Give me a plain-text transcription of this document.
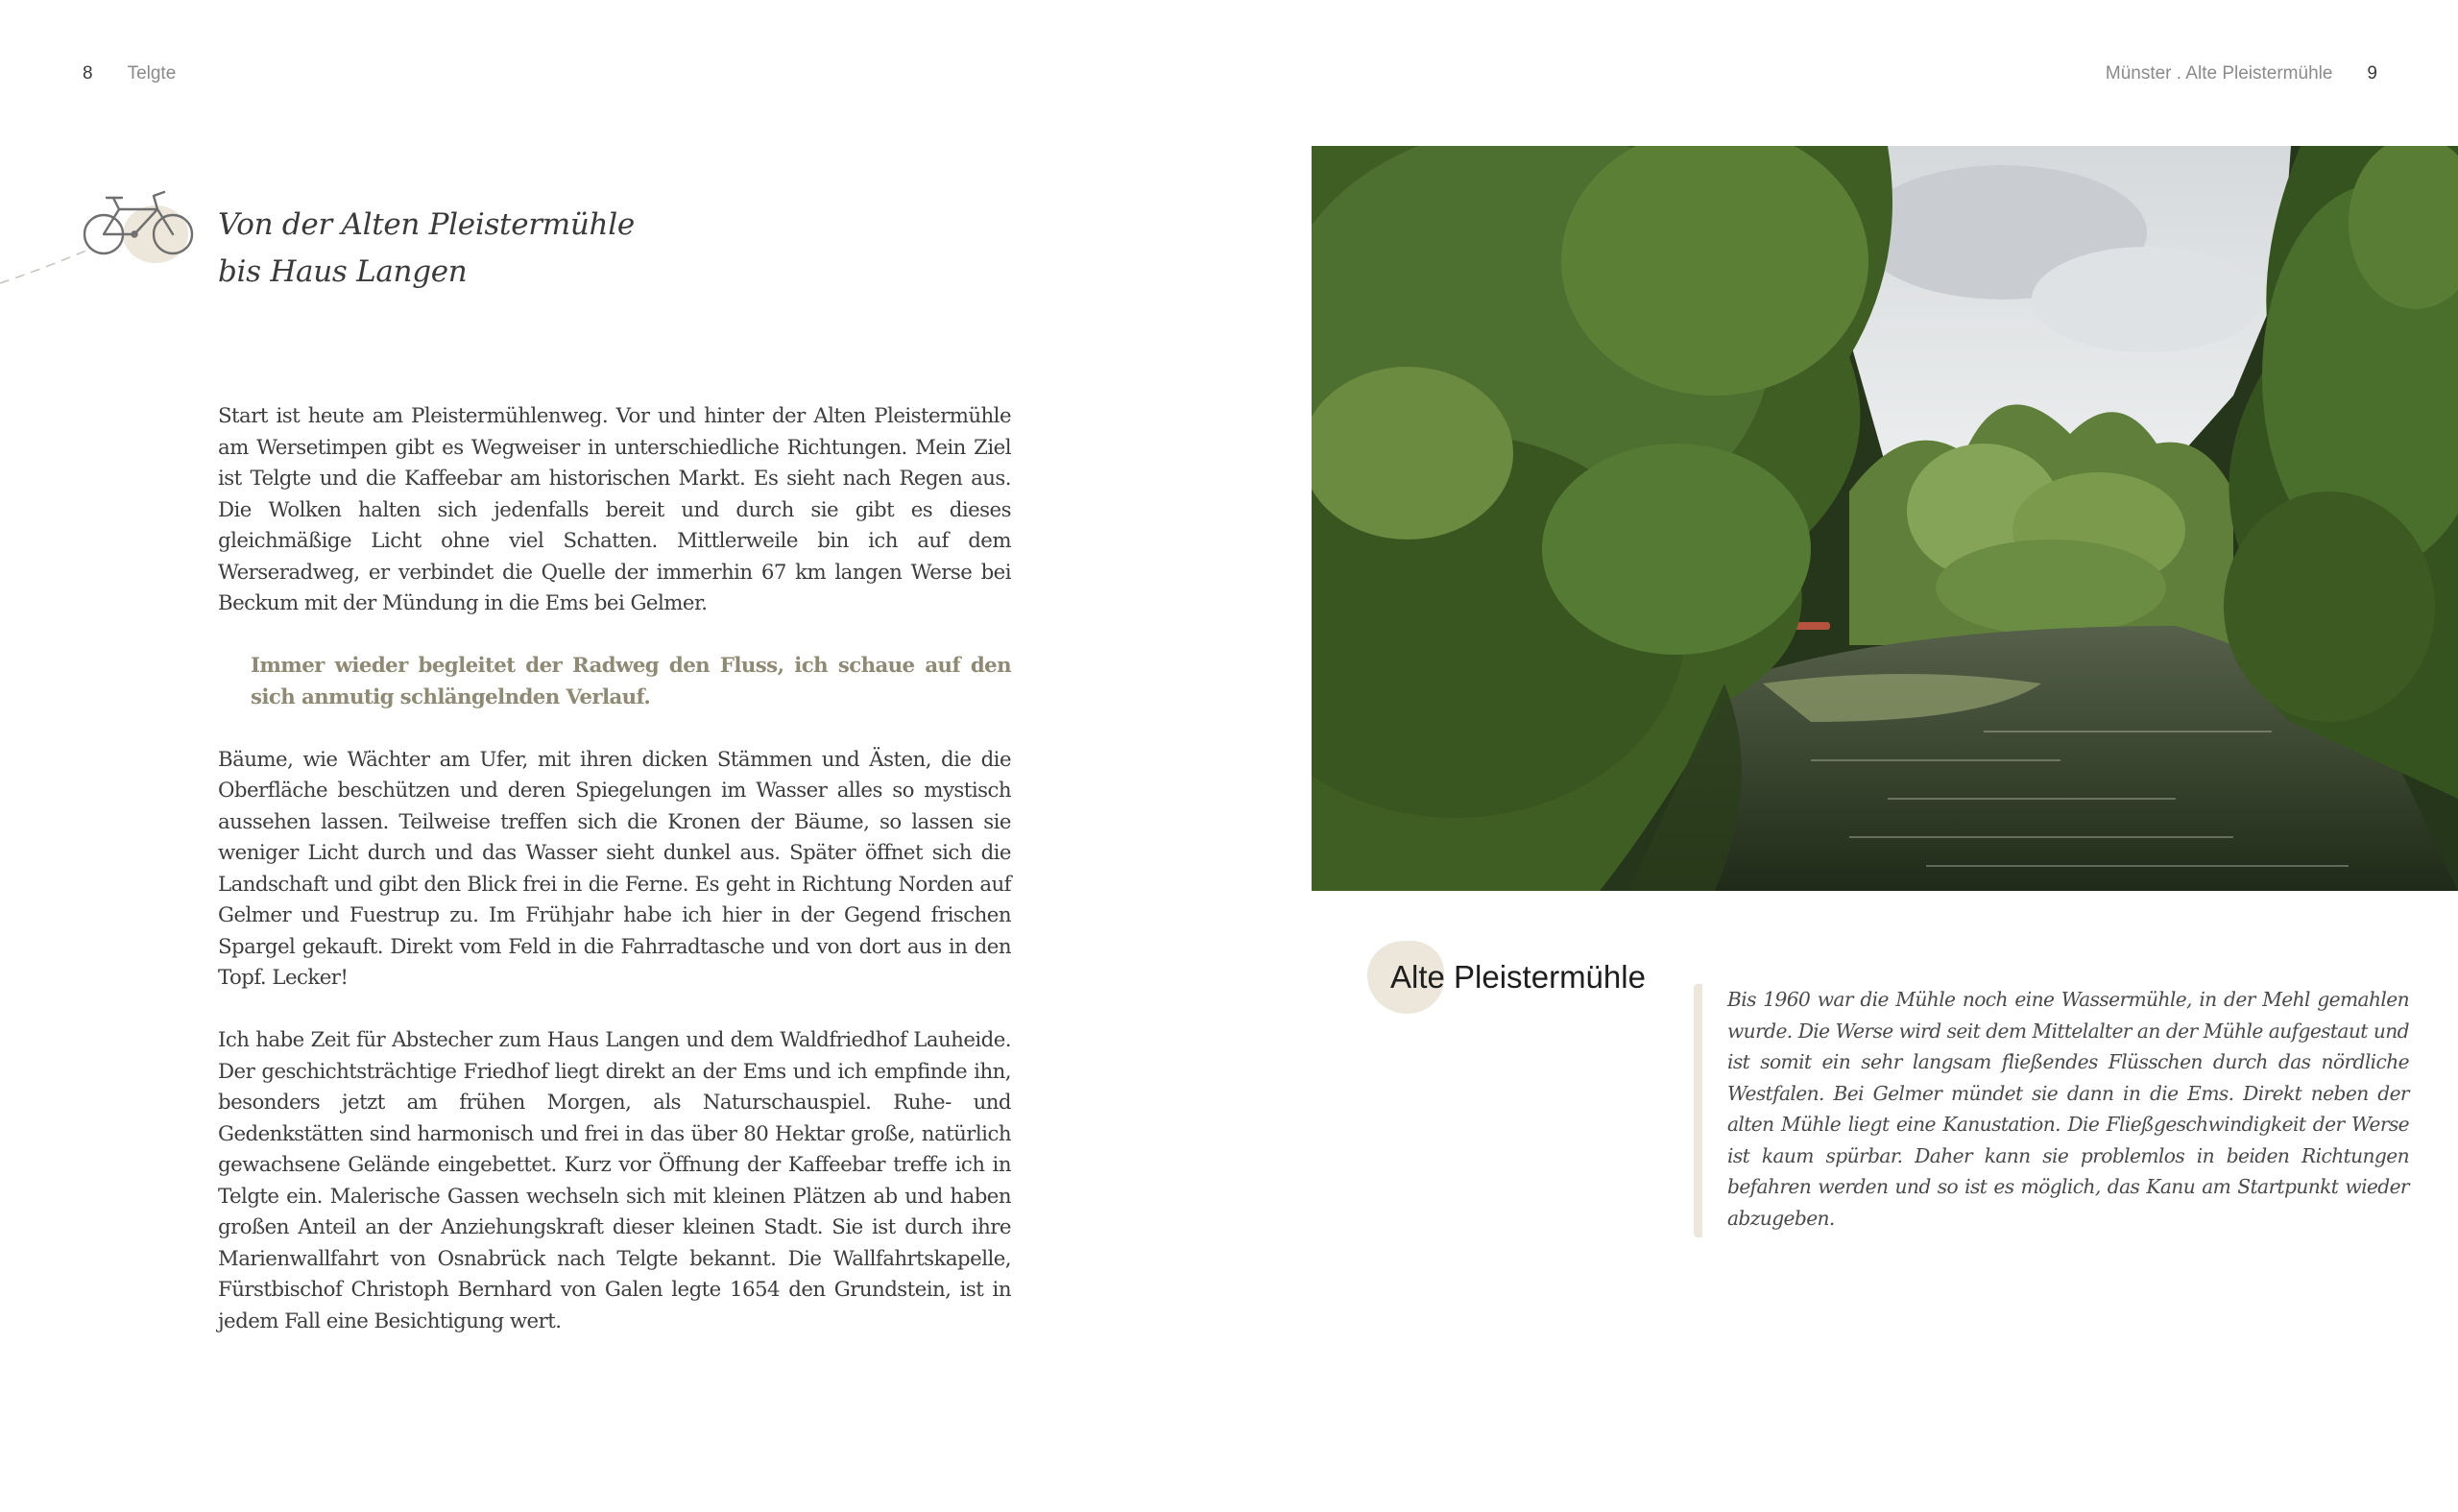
8 Telgte	Münster . Alte Pleistermühle 9
Von der Alten Pleistermühle
bis Haus Langen

Start ist heute am Pleistermühlenweg. Vor und hinter der Alten Pleistermühle am Wersetimpen gibt es Wegweiser in unterschiedliche Richtungen. Mein Ziel ist Telgte und die Kaffeebar am historischen Markt. Es sieht nach Regen aus. Die Wolken halten sich jedenfalls bereit und durch sie gibt es dieses gleichmäßige Licht ohne viel Schatten. Mittlerweile bin ich auf dem Werseradweg, er verbindet die Quelle der immerhin 67 km langen Werse bei Beckum mit der Mündung in die Ems bei Gelmer.

Immer wieder begleitet der Radweg den Fluss, ich schaue auf den sich anmutig schlängelnden Verlauf.

Bäume, wie Wächter am Ufer, mit ihren dicken Stämmen und Ästen, die die Oberfläche beschützen und deren Spiegelungen im Wasser alles so mystisch aussehen lassen. Teilweise treffen sich die Kronen der Bäume, so lassen sie weniger Licht durch und das Wasser sieht dunkel aus. Später öffnet sich die Landschaft und gibt den Blick frei in die Ferne. Es geht in Richtung Norden auf Gelmer und Fuestrup zu. Im Frühjahr habe ich hier in der Gegend frischen Spargel gekauft. Direkt vom Feld in die Fahrradtasche und von dort aus in den Topf. Lecker!

Ich habe Zeit für Abstecher zum Haus Langen und dem Waldfriedhof Lauheide. Der geschichtsträchtige Friedhof liegt direkt an der Ems und ich empfinde ihn, besonders jetzt am frühen Morgen, als Naturschauspiel. Ruhe- und Gedenkstätten sind harmonisch und frei in das über 80 Hektar große, natürlich gewachsene Gelände eingebettet. Kurz vor Öffnung der Kaffeebar treffe ich in Telgte ein. Malerische Gassen wechseln sich mit kleinen Plätzen ab und haben großen Anteil an der Anziehungskraft dieser kleinen Stadt. Sie ist durch ihre Marienwallfahrt von Osnabrück nach Telgte bekannt. Die Wallfahrtskapelle, Fürstbischof Christoph Bernhard von Galen legte 1654 den Grundstein, ist in jedem Fall eine Besichtigung wert.

Alte Pleistermühle
Bis 1960 war die Mühle noch eine Wassermühle, in der Mehl gemahlen wurde. Die Werse wird seit dem Mittelalter an der Mühle aufgestaut und ist somit ein sehr langsam fließendes Flüsschen durch das nördliche Westfalen. Bei Gelmer mündet sie dann in die Ems. Direkt neben der alten Mühle liegt eine Kanustation. Die Fließgeschwindigkeit der Werse ist kaum spürbar. Daher kann sie problemlos in beiden Richtungen befahren werden und so ist es möglich, das Kanu am Startpunkt wieder abzugeben.
